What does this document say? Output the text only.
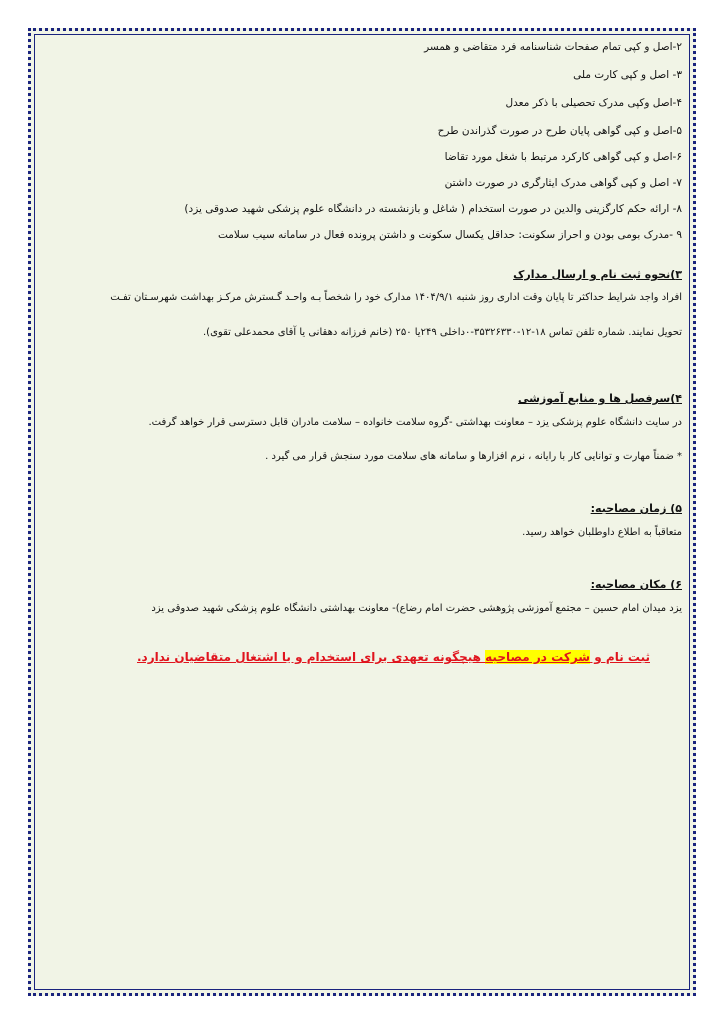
۲-اصل و کپی تمام صفحات شناسنامه فرد متقاضی و همسر
۳- اصل و کپی کارت ملی
۴-اصل وکپی مدرک تحصیلی با ذکر معدل
۵-اصل و کپی گواهی پایان طرح در صورت گذراندن طرح
۶-اصل و کپی گواهی کارکرد مرتبط با شغل مورد تقاضا
۷- اصل و کپی گواهی مدرک ایثارگری در صورت داشتن
۸- ارائه حکم کارگزینی والدین در صورت استخدام ( شاغل و بازنشسته در دانشگاه علوم پزشکی شهید صدوقی یزد)
۹ -مدرک بومی بودن و احراز سکونت: حداقل یکسال سکونت و داشتن پرونده فعال در سامانه سیب سلامت
۳)نحوه ثبت نام و ارسال مدارک
افراد واجد شرایط حداکثر تا پایان وقت اداری روز شنبه ۱۴۰۴/۹/۱ مدارک خود را شخصاً بـه واحـد گـسترش مرکـز بهداشت شهرسـتان تفـت
تحویل نمایند. شماره تلفن تماس ۱۸-۱۲-۳۵۳۲۶۳۳۰-۰داخلی ۲۴۹یا ۲۵۰ (خانم فرزانه دهقانی یا آقای محمدعلی تقوی).
۴)سرفصل ها و منابع آموزشی
در سایت دانشگاه علوم پزشکی یزد – معاونت بهداشتی -گروه سلامت خانواده – سلامت مادران قابل دسترسی قرار خواهد گرفت.
* ضمناً مهارت و توانایی کار با رایانه ، نرم افزارها و سامانه های سلامت مورد سنجش قرار می گیرد .
۵) زمان مصاحبه:
متعاقباً به اطلاع داوطلبان خواهد رسید.
۶) مکان مصاحبه:
یزد میدان امام حسین – مجتمع آموزشی پژوهشی حضرت امام رضاع)- معاونت بهداشتی دانشگاه علوم پزشکی شهید صدوقی یزد
ثبت نام و شرکت در مصاحبه هیچگونه تعهدی برای استخدام و یا اشتغال متقاضیان ندارد.
